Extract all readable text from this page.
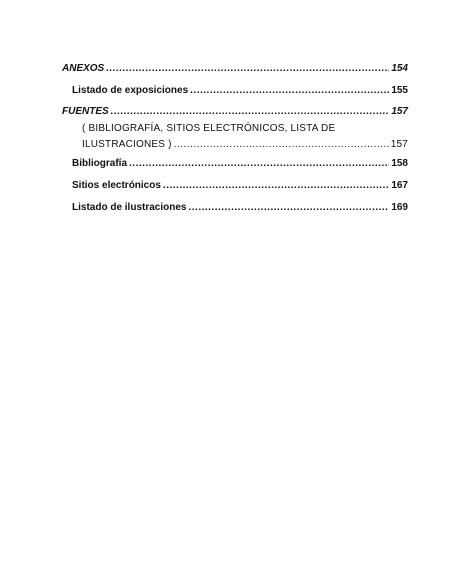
ANEXOS .....	154
Listado de exposiciones .....	155
FUENTES .....	157
( BIBLIOGRAFÍA, SITIOS ELECTRÓNICOS, LISTA DE
ILUSTRACIONES ) .....	157
Bibliografía .....	158
Sitios electrónicos .....	167
Listado de ilustraciones .....	169
